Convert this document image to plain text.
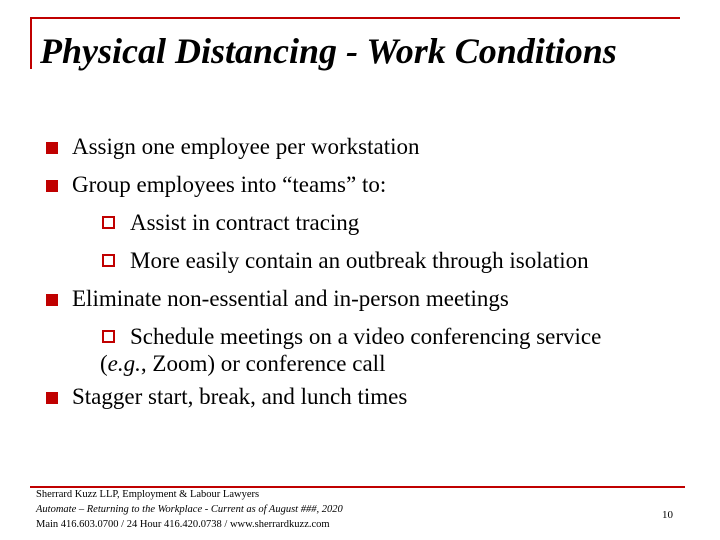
Physical Distancing - Work Conditions
Assign one employee per workstation
Group employees into “teams” to:
Assist in contract tracing
More easily contain an outbreak through isolation
Eliminate non-essential and in-person meetings
Schedule meetings on a video conferencing service
(e.g., Zoom) or conference call
Stagger start, break, and lunch times
Sherrard Kuzz LLP, Employment & Labour Lawyers
Automate – Returning to the Workplace - Current as of August ###, 2020
Main 416.603.0700 / 24 Hour 416.420.0738 / www.sherrardkuzz.com
10
